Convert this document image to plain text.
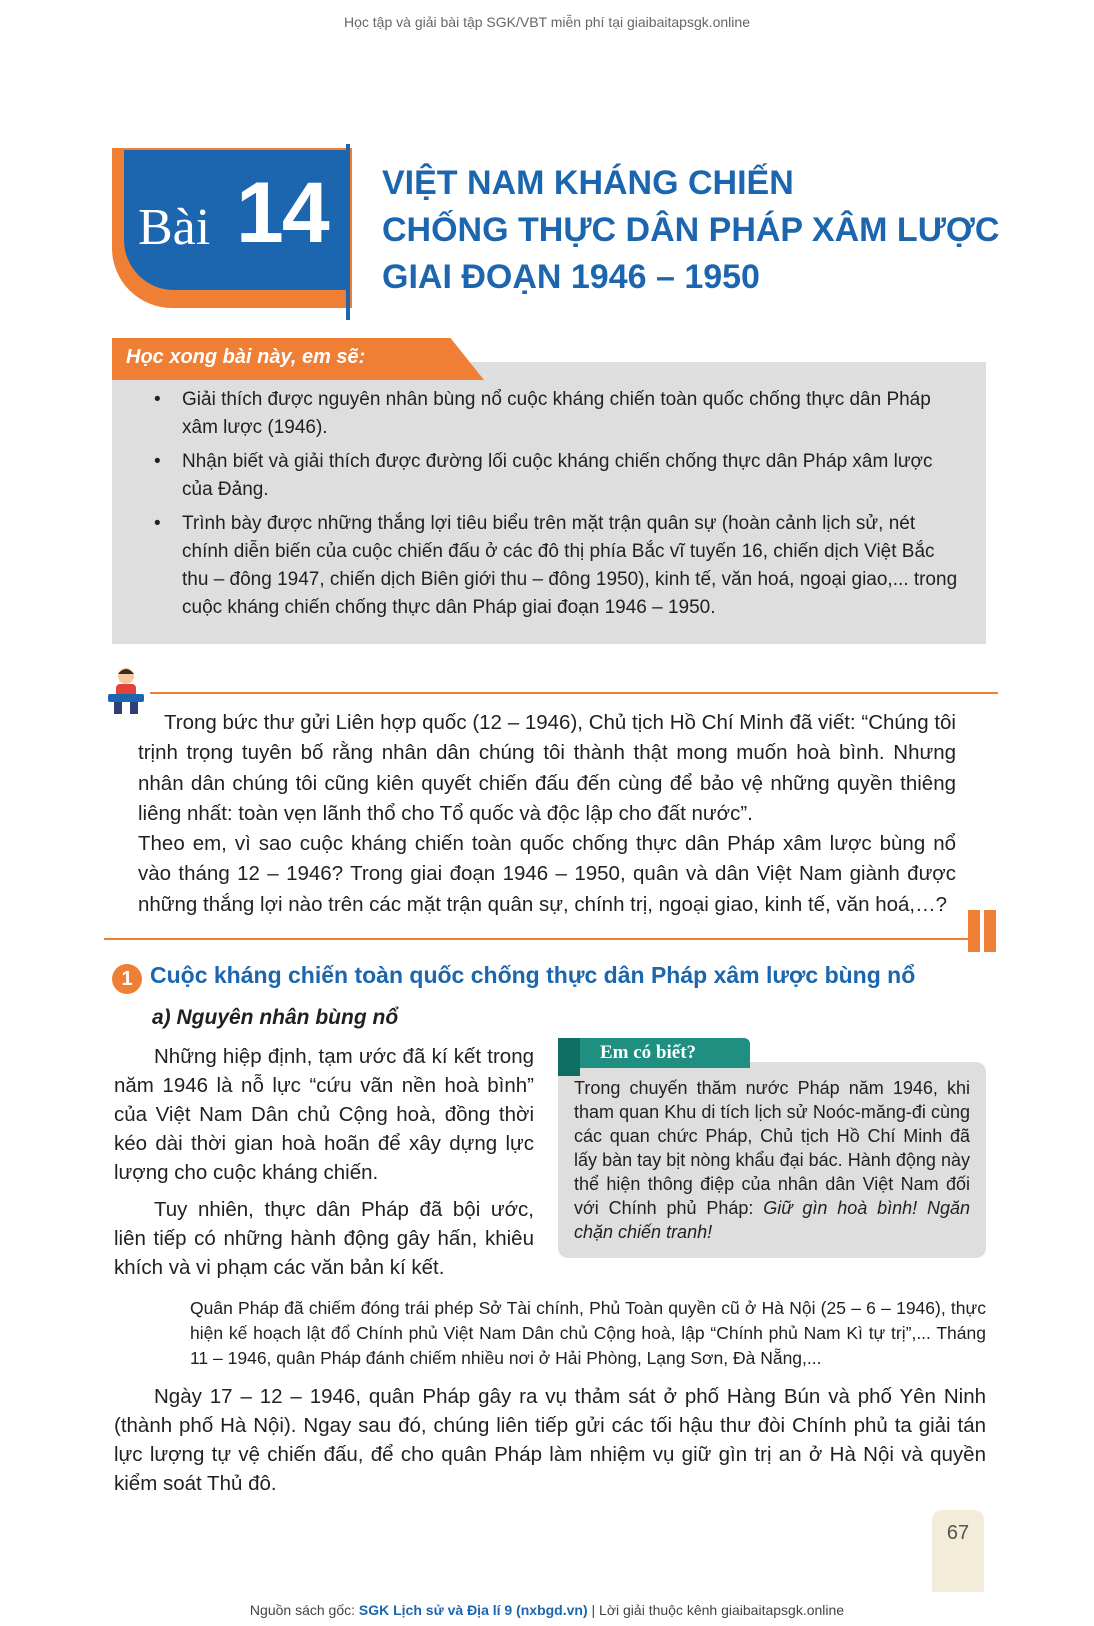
Học tập và giải bài tập SGK/VBT miễn phí tại giaibaitapsgk.online
Bài 14 VIỆT NAM KHÁNG CHIẾN
CHỐNG THỰC DÂN PHÁP XÂM LƯỢC
GIAI ĐOẠN 1946 – 1950
Học xong bài này, em sẽ:
• Giải thích được nguyên nhân bùng nổ cuộc kháng chiến toàn quốc chống thực dân Pháp xâm lược (1946).
• Nhận biết và giải thích được đường lối cuộc kháng chiến chống thực dân Pháp xâm lược của Đảng.
• Trình bày được những thắng lợi tiêu biểu trên mặt trận quân sự (hoàn cảnh lịch sử, nét chính diễn biến của cuộc chiến đấu ở các đô thị phía Bắc vĩ tuyến 16, chiến dịch Việt Bắc thu – đông 1947, chiến dịch Biên giới thu – đông 1950), kinh tế, văn hoá, ngoại giao,... trong cuộc kháng chiến chống thực dân Pháp giai đoạn 1946 – 1950.

Trong bức thư gửi Liên hợp quốc (12 – 1946), Chủ tịch Hồ Chí Minh đã viết: “Chúng tôi trịnh trọng tuyên bố rằng nhân dân chúng tôi thành thật mong muốn hoà bình. Nhưng nhân dân chúng tôi cũng kiên quyết chiến đấu đến cùng để bảo vệ những quyền thiêng liêng nhất: toàn vẹn lãnh thổ cho Tổ quốc và độc lập cho đất nước”.

Theo em, vì sao cuộc kháng chiến toàn quốc chống thực dân Pháp xâm lược bùng nổ vào tháng 12 – 1946? Trong giai đoạn 1946 – 1950, quân và dân Việt Nam giành được những thắng lợi nào trên các mặt trận quân sự, chính trị, ngoại giao, kinh tế, văn hoá,…?

1 Cuộc kháng chiến toàn quốc chống thực dân Pháp xâm lược bùng nổ
a) Nguyên nhân bùng nổ

Những hiệp định, tạm ước đã kí kết trong năm 1946 là nỗ lực “cứu vãn nền hoà bình” của Việt Nam Dân chủ Cộng hoà, đồng thời kéo dài thời gian hoà hoãn để xây dựng lực lượng cho cuộc kháng chiến.

Tuy nhiên, thực dân Pháp đã bội ước, liên tiếp có những hành động gây hấn, khiêu khích và vi phạm các văn bản kí kết.

Em có biết?
Trong chuyến thăm nước Pháp năm 1946, khi tham quan Khu di tích lịch sử Noóc-măng-đi cùng các quan chức Pháp, Chủ tịch Hồ Chí Minh đã lấy bàn tay bịt nòng khẩu đại bác. Hành động này thể hiện thông điệp của nhân dân Việt Nam đối với Chính phủ Pháp: Giữ gìn hoà bình! Ngăn chặn chiến tranh!
Quân Pháp đã chiếm đóng trái phép Sở Tài chính, Phủ Toàn quyền cũ ở Hà Nội (25 – 6 – 1946), thực hiện kế hoạch lật đổ Chính phủ Việt Nam Dân chủ Cộng hoà, lập “Chính phủ Nam Kì tự trị”,... Tháng 11 – 1946, quân Pháp đánh chiếm nhiều nơi ở Hải Phòng, Lạng Sơn, Đà Nẵng,...
Ngày 17 – 12 – 1946, quân Pháp gây ra vụ thảm sát ở phố Hàng Bún và phố Yên Ninh (thành phố Hà Nội). Ngay sau đó, chúng liên tiếp gửi các tối hậu thư đòi Chính phủ ta giải tán lực lượng tự vệ chiến đấu, để cho quân Pháp làm nhiệm vụ giữ gìn trị an ở Hà Nội và quyền kiểm soát Thủ đô.
67
Nguồn sách gốc: SGK Lịch sử và Địa lí 9 (nxbgd.vn) | Lời giải thuộc kênh giaibaitapsgk.online
